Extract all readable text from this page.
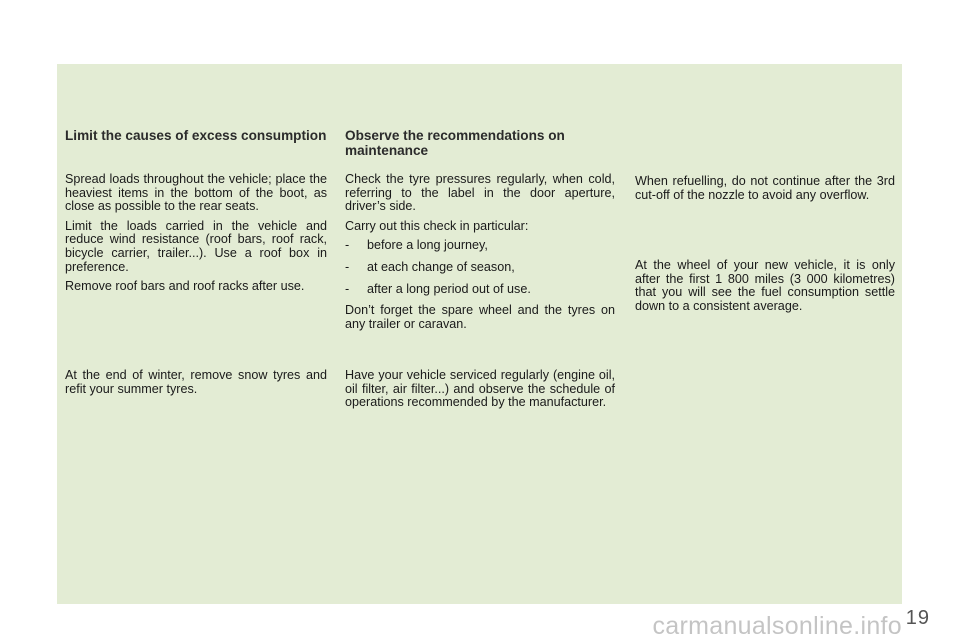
Limit the causes of excess consumption

Spread loads throughout the vehicle; place the heaviest items in the bottom of the boot, as close as possible to the rear seats.

Limit the loads carried in the vehicle and reduce wind resistance (roof bars, roof rack, bicycle carrier, trailer...). Use a roof box in preference.

Remove roof bars and roof racks after use.

At the end of winter, remove snow tyres and refit your summer tyres.
Observe the recommendations on maintenance

Check the tyre pressures regularly, when cold, referring to the label in the door aperture, driver’s side.

Carry out this check in particular:

-	before a long journey,
-	at each change of season,
-	after a long period out of use.

Don’t forget the spare wheel and the tyres on any trailer or caravan.

Have your vehicle serviced regularly (engine oil, oil filter, air filter...) and observe the schedule of operations recommended by the manufacturer.
When refuelling, do not continue after the 3rd cut-off of the nozzle to avoid any overflow.
At the wheel of your new vehicle, it is only after the first 1 800 miles (3 000 kilometres) that you will see the fuel consumption settle down to a consistent average.
19
carmanualsonline.info
